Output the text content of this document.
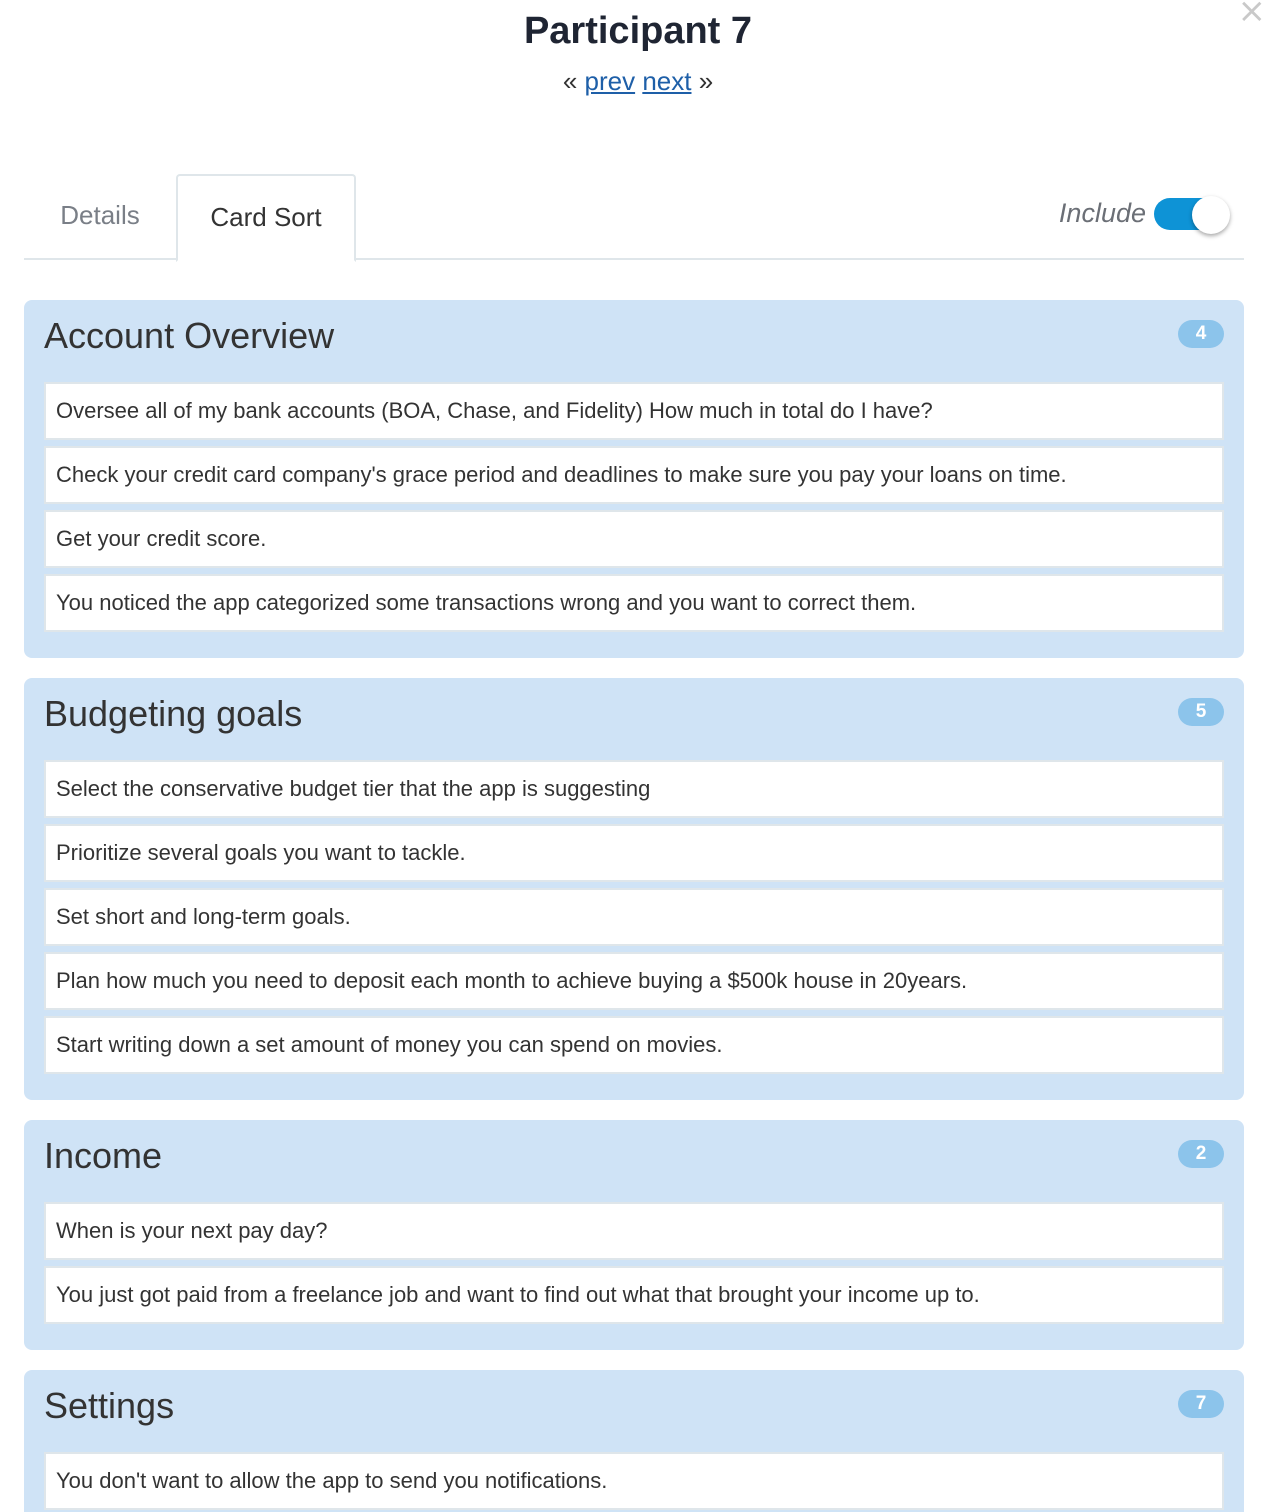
×
Participant 7
« prev next »
Details	Card Sort	Include
Account Overview	4
Oversee all of my bank accounts (BOA, Chase, and Fidelity) How much in total do I have?
Check your credit card company's grace period and deadlines to make sure you pay your loans on time.
Get your credit score.
You noticed the app categorized some transactions wrong and you want to correct them.
Budgeting goals	5
Select the conservative budget tier that the app is suggesting
Prioritize several goals you want to tackle.
Set short and long-term goals.
Plan how much you need to deposit each month to achieve buying a $500k house in 20years.
Start writing down a set amount of money you can spend on movies.
Income	2
When is your next pay day?
You just got paid from a freelance job and want to find out what that brought your income up to.
Settings	7
You don't want to allow the app to send you notifications.
